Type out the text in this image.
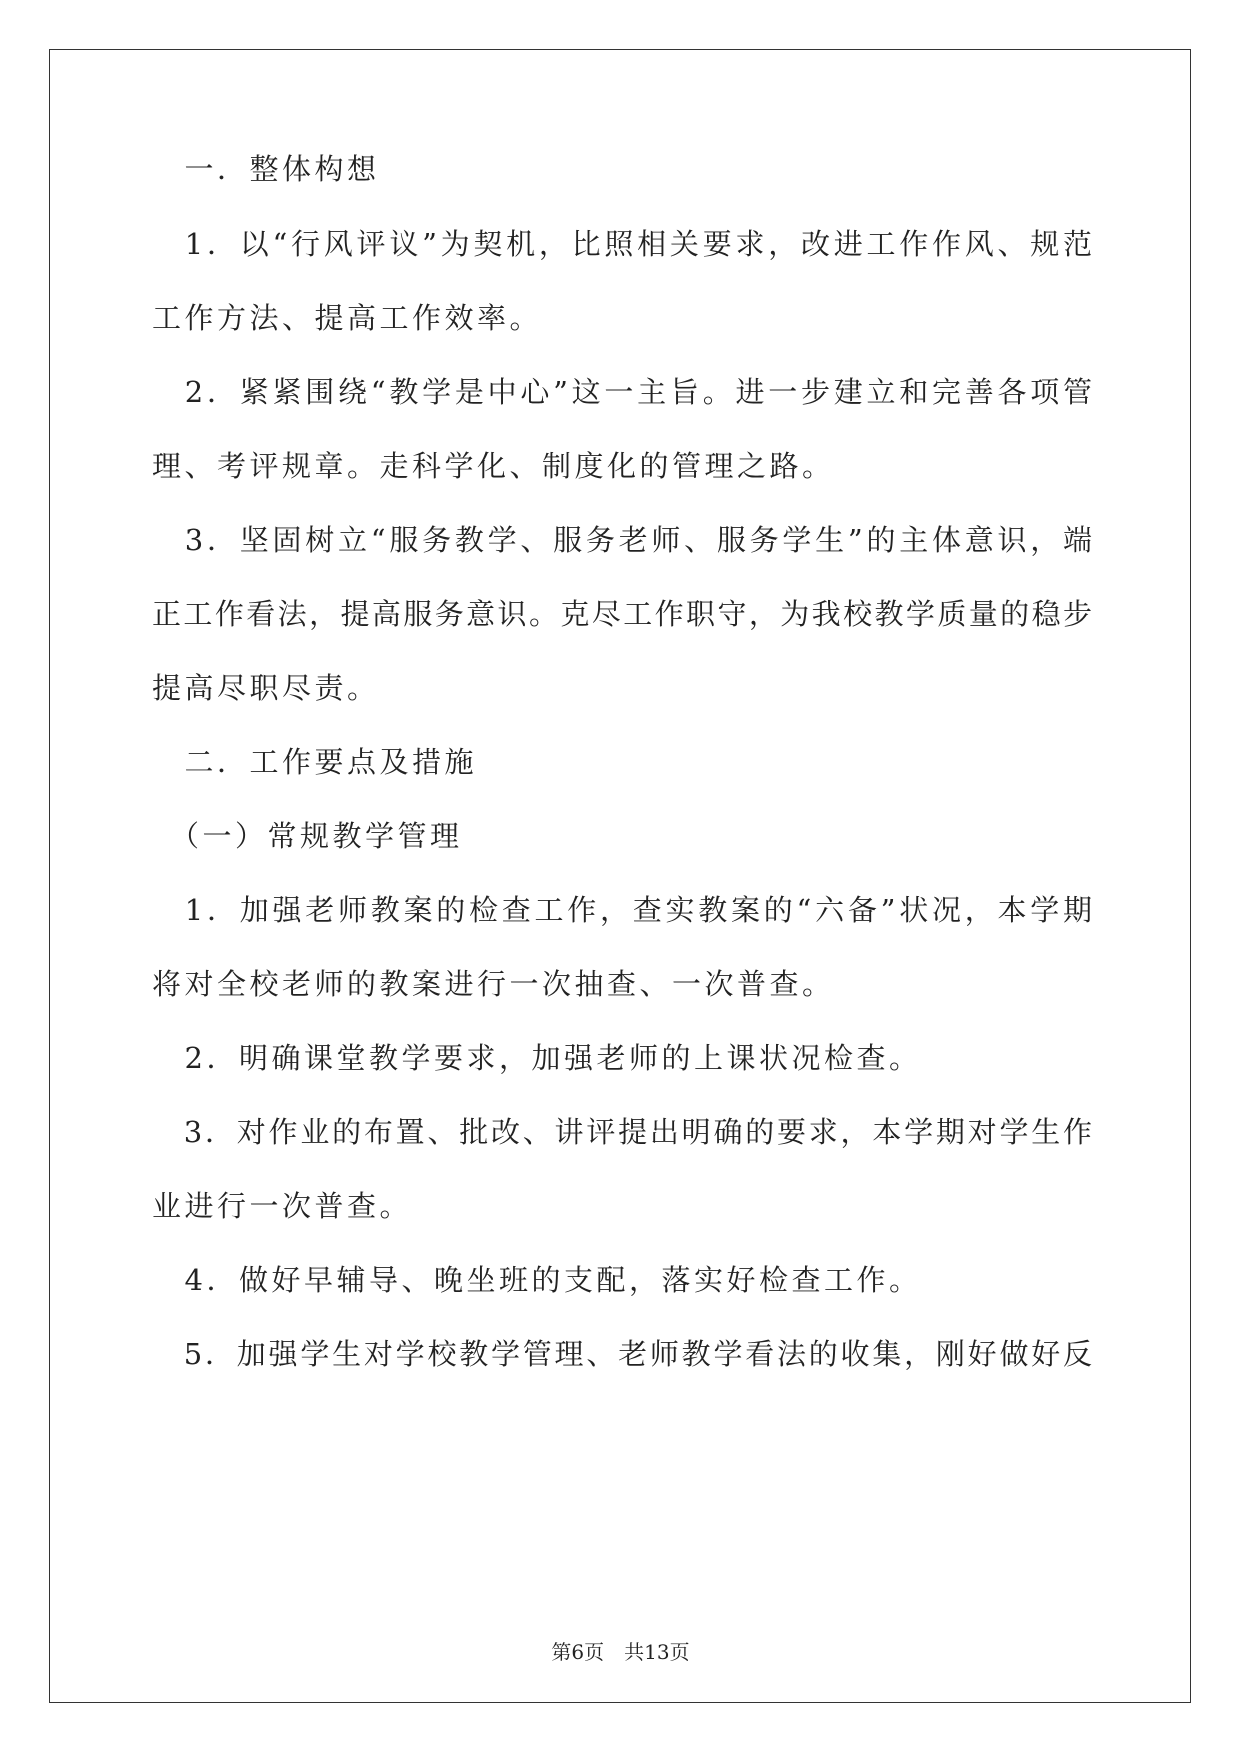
　一．整体构想
　1．以“行风评议”为契机，比照相关要求，改进工作作风、规范
工作方法、提高工作效率。
　2．紧紧围绕“教学是中心”这一主旨。进一步建立和完善各项管
理、考评规章。走科学化、制度化的管理之路。
　3．坚固树立“服务教学、服务老师、服务学生”的主体意识，端
正工作看法，提高服务意识。克尽工作职守，为我校教学质量的稳步
提高尽职尽责。
　二．工作要点及措施
　（一）常规教学管理
　1．加强老师教案的检查工作，查实教案的“六备”状况，本学期
将对全校老师的教案进行一次抽查、一次普查。
　2．明确课堂教学要求，加强老师的上课状况检查。
　3．对作业的布置、批改、讲评提出明确的要求，本学期对学生作
业进行一次普查。
　4．做好早辅导、晚坐班的支配，落实好检查工作。
　5．加强学生对学校教学管理、老师教学看法的收集，刚好做好反
第6页　共13页
